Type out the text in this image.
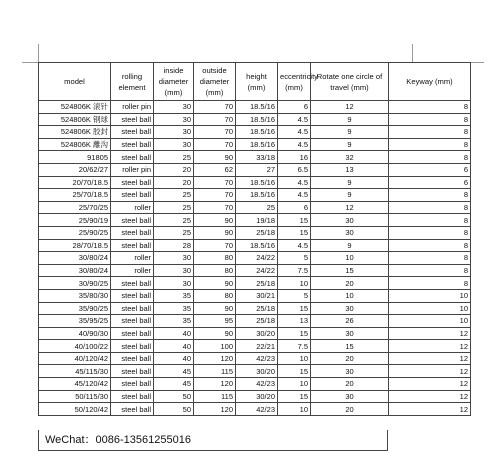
model	rolling element	inside diameter (mm)	outside diameter (mm)	height (mm)	eccentricity (mm)	Rotate one circle of travel (mm)	Keyway (mm)
524806K 滚针	roller pin	30	70	18.5/16	6	12	8
524806K 钢球	steel ball	30	70	18.5/16	4.5	9	8
524806K 胶封	steel ball	30	70	18.5/16	4.5	9	8
524806K 離沟	steel ball	30	70	18.5/16	4.5	9	8
91805	steel ball	25	90	33/18	16	32	8
20/62/27	roller pin	20	62	27	6.5	13	6
20/70/18.5	steel ball	20	70	18.5/16	4.5	9	6
25/70/18.5	steel ball	25	70	18.5/16	4.5	9	8
25/70/25	roller	25	70	25	6	12	8
25/90/19	steel ball	25	90	19/18	15	30	8
25/90/25	steel ball	25	90	25/18	15	30	8
28/70/18.5	steel ball	28	70	18.5/16	4.5	9	8
30/80/24	roller	30	80	24/22	5	10	8
30/80/24	roller	30	80	24/22	7.5	15	8
30/90/25	steel ball	30	90	25/18	10	20	8
35/80/30	steel ball	35	80	30/21	5	10	10
35/90/25	steel ball	35	90	25/18	15	30	10
35/95/25	steel ball	35	95	25/18	13	26	10
40/90/30	steel ball	40	90	30/20	15	30	12
40/100/22	steel ball	40	100	22/21	7.5	15	12
40/120/42	steel ball	40	120	42/23	10	20	12
45/115/30	steel ball	45	115	30/20	15	30	12
45/120/42	steel ball	45	120	42/23	10	20	12
50/115/30	steel ball	50	115	30/20	15	30	12
50/120/42	steel ball	50	120	42/23	10	20	12
WeChat：0086-13561255016
